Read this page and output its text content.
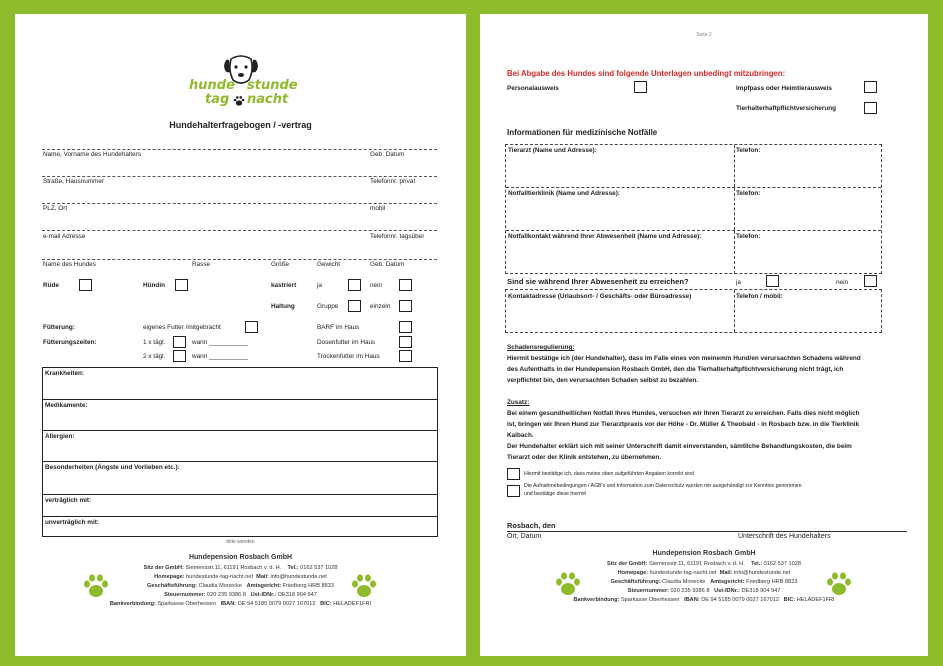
hunde stunde
tag nacht
Hundehalterfragebogen / -vertrag
Name, Vorname des Hundehalters	Geb. Datum
Straße, Hausnummer	Telefonnr. privat
PLZ, Ort	mobil
e-mail Adresse	Telefonnr. tagsüber
Name des Hundes	Rasse	Größe	Gewicht	Geb. Datum
Rüde	Hündin	kastriert	ja	nein
Haltung	Gruppe	einzeln
Fütterung:	eigenes Futter /mitgebracht	BARF im Haus
Fütterungszeiten:	1 x tägl.	wann ___________	Dosenfutter im Haus
2 x tägl.	wann ___________	Trockenfutter im Haus
Krankheiten:
Medikamente:
Allergien:
Besonderheiten (Ängste und Vorlieben etc.):
verträglich mit:
unverträglich mit:
bitte wenden
Hundepension Rosbach GmbH
Sitz der GmbH: Siemensstr.11, 61191 Rosbach v. d. H. Tel.: 0162 537 1028
Homepage: hundestunde-tag-nacht.net Mail: info@hundestunde.net
Geschäftsführung: Claudia Monecke Amtsgericht: Friedberg HRB 8833
Steuernummer: 020 235 9386 8 Ust-IDNr.: DE318 904 947
Bankverbindung: Sparkasse Oberhessen IBAN: DE 94 5185 0079 0027 167012 BIC: HELADEF1FRI
Seite 2
Bei Abgabe des Hundes sind folgende Unterlagen unbedingt mitzubringen:
Personalausweis	Impfpass oder Heimtierausweis
Tierhalterhaftpflichtversicherung
Informationen für medizinische Notfälle
Tierarzt (Name und Adresse):	Telefon:
Notfalltierklinik (Name und Adresse):	Telefon:
Notfallkontakt während Ihrer Abwesenheit (Name und Adresse):	Telefon:
Sind sie während Ihrer Abwesenheit zu erreichen?	ja	nein
Kontaktadresse (Urlaubsort- / Geschäfts- oder Büroadresse)	Telefon / mobil:
Schadensregulierung:
Hiermit bestätige ich (der Hundehalter), dass im Falle eines von meinem/n Hund/en verursachten Schadens während
des Aufenthalts in der Hundepension Rosbach GmbH, den die Tierhalterhaftpflichtversicherung nicht trägt, ich
verpflichtet bin, den verursachten Schaden selbst zu bezahlen.
Zusatz:
Bei einem gesundheitlichen Notfall Ihres Hundes, versuchen wir Ihren Tierarzt zu erreichen. Falls dies nicht möglich
ist, bringen wir Ihren Hund zur Tierarztpraxis vor der Höhe - Dr. Müller & Theobald - in Rosbach bzw. in die Tierklinik
Kalbach.
Der Hundehalter erklärt sich mit seiner Unterschrift damit einverstanden, sämtliche Behandlungskosten, die beim
Tierarzt oder der Klinik entstehen, zu übernehmen.
Hiermit bestätige ich, dass meine oben aufgeführten Angaben korrekt sind
Die Aufnahmebedingungen / AGB's und Information zum Datenschutz wurden mir ausgehändigt zur Kenntnis genommen
und bestätige diese hiermit
Rosbach, den
Ort, Datum	Unterschrift des Hundehalters
Hundepension Rosbach GmbH
Sitz der GmbH: Siemensstr.11, 61191 Rosbach v. d. H. Tel.: 0162 537 1028
Homepage: hundestunde-tag-nacht.net Mail: info@hundestunde.net
Geschäftsführung: Claudia Monecke Amtsgericht: Friedberg HRB 8833
Steuernummer: 020 235 9386 8 Ust-IDNr.: DE318 904 947
Bankverbindung: Sparkasse Oberhessen IBAN: DE 94 5185 0079 0027 167012 BIC: HELADEF1FRI
